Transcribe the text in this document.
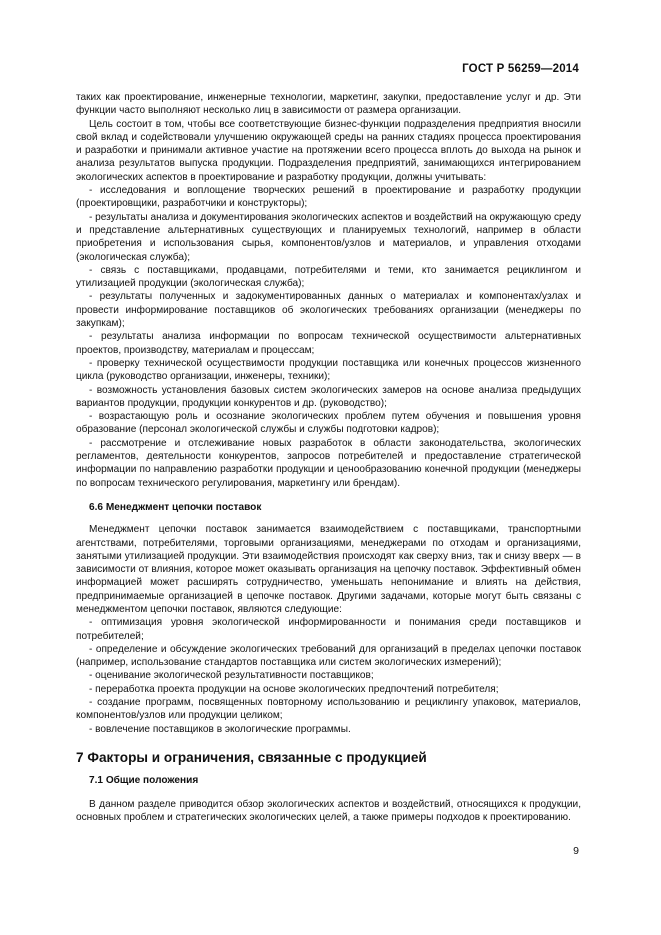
ГОСТ Р 56259—2014

таких как проектирование, инженерные технологии, маркетинг, закупки, предоставление услуг и др. Эти функции часто выполняют несколько лиц в зависимости от размера организации.

Цель состоит в том, чтобы все соответствующие бизнес-функции подразделения предприятия вносили свой вклад и содействовали улучшению окружающей среды на ранних стадиях процесса проектирования и разработки и принимали активное участие на протяжении всего процесса вплоть до выхода на рынок и анализа результатов выпуска продукции. Подразделения предприятий, занимающихся интегрированием экологических аспектов в проектирование и разработку продукции, должны учитывать:

- исследования и воплощение творческих решений в проектирование и разработку продукции (проектировщики, разработчики и конструкторы);

- результаты анализа и документирования экологических аспектов и воздействий на окружающую среду и представление альтернативных существующих и планируемых технологий, например в области приобретения и использования сырья, компонентов/узлов и материалов, и управления отходами (экологическая служба);

- связь с поставщиками, продавцами, потребителями и теми, кто занимается рециклингом и утилизацией продукции (экологическая служба);

- результаты полученных и задокументированных данных о материалах и компонентах/узлах и провести информирование поставщиков об экологических требованиях организации (менеджеры по закупкам);

- результаты анализа информации по вопросам технической осуществимости альтернативных проектов, производству, материалам и процессам;

- проверку технической осуществимости продукции поставщика или конечных процессов жизненного цикла (руководство организации, инженеры, техники);

- возможность установления базовых систем экологических замеров на основе анализа предыдущих вариантов продукции, продукции конкурентов и др. (руководство);

- возрастающую роль и осознание экологических проблем путем обучения и повышения уровня образование (персонал экологической службы и службы подготовки кадров);

- рассмотрение и отслеживание новых разработок в области законодательства, экологических регламентов, деятельности конкурентов, запросов потребителей и предоставление стратегической информации по направлению разработки продукции и ценообразованию конечной продукции (менеджеры по вопросам технического регулирования, маркетингу или брендам).

6.6 Менеджмент цепочки поставок

Менеджмент цепочки поставок занимается взаимодействием с поставщиками, транспортными агентствами, потребителями, торговыми организациями, менеджерами по отходам и организациями, занятыми утилизацией продукции. Эти взаимодействия происходят как сверху вниз, так и снизу вверх — в зависимости от влияния, которое может оказывать организация на цепочку поставок. Эффективный обмен информацией может расширять сотрудничество, уменьшать непонимание и влиять на действия, предпринимаемые организацией в цепочке поставок. Другими задачами, которые могут быть связаны с менеджментом цепочки поставок, являются следующие:

- оптимизация уровня экологической информированности и понимания среди поставщиков и потребителей;

- определение и обсуждение экологических требований для организаций в пределах цепочки поставок (например, использование стандартов поставщика или систем экологических измерений);

- оценивание экологической результативности поставщиков;

- переработка проекта продукции на основе экологических предпочтений потребителя;

- создание программ, посвященных повторному использованию и рециклингу упаковок, материалов, компонентов/узлов или продукции целиком;

- вовлечение поставщиков в экологические программы.

7 Факторы и ограничения, связанные с продукцией

7.1 Общие положения

В данном разделе приводится обзор экологических аспектов и воздействий, относящихся к продукции, основных проблем и стратегических экологических целей, а также примеры подходов к проектированию.

9
